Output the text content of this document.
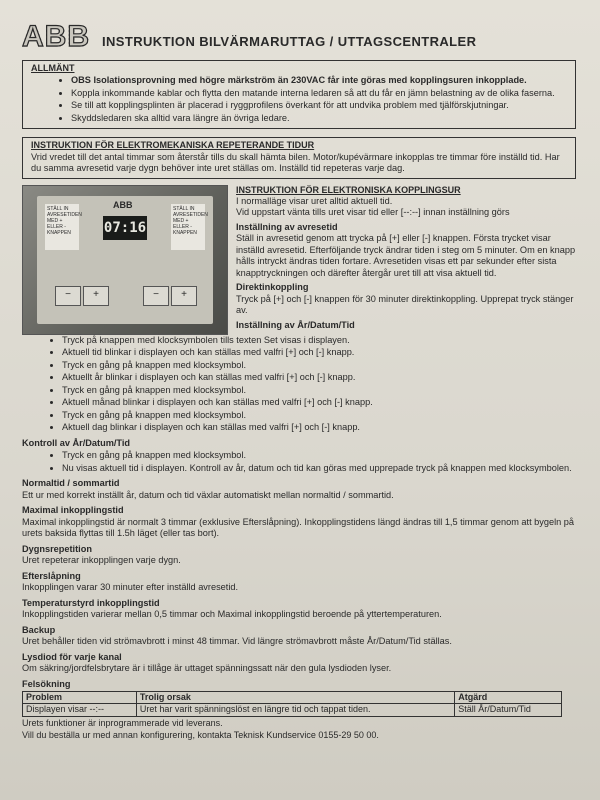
ABB INSTRUKTION BILVÄRMARUTTAG / UTTAGSCENTRALER
ALLMÄNT
• OBS Isolationsprovning med högre märkström än 230VAC får inte göras med kopplingsuren inkopplade.
• Koppla inkommande kablar och flytta den matande interna ledaren så att du får en jämn belastning av de olika faserna.
• Se till att kopplingsplinten är placerad i ryggprofilens överkant för att undvika problem med tjälförskjutningar.
• Skyddsledaren ska alltid vara längre än övriga ledare.
INSTRUKTION FÖR ELEKTROMEKANISKA REPETERANDE TIDUR
Vrid vredet till det antal timmar som återstår tills du skall hämta bilen. Motor/kupévärmare inkopplas tre timmar före inställd tid. Har du samma avresetid varje dygn behöver inte uret ställas om. Inställd tid repeteras varje dag.
STÄLL IN AVRESETIDEN MED + ELLER - KNAPPEN
ABB
07:16
STÄLL IN AVRESETIDEN MED + ELLER - KNAPPEN
−	+	−	+
INSTRUKTION FÖR ELEKTRONISKA KOPPLINGSUR
I normalläge visar uret alltid aktuell tid.
Vid uppstart vänta tills uret visar tid eller [--:--] innan inställning görs
Inställning av avresetid
Ställ in avresetid genom att trycka på [+] eller [-] knappen. Första trycket visar inställd avresetid. Efterföljande tryck ändrar tiden i steg om 5 minuter. Om en knapp hålls intryckt ändras tiden fortare. Avresetiden visas ett par sekunder efter sista knapptryckningen och därefter återgår uret till att visa aktuell tid.
Direktinkoppling
Tryck på [+] och [-] knappen för 30 minuter direktinkoppling. Upprepat tryck stänger av.
Inställning av År/Datum/Tid
• Tryck på knappen med klocksymbolen tills texten Set visas i displayen.
• Aktuell tid blinkar i displayen och kan ställas med valfri [+] och [-] knapp.
• Tryck en gång på knappen med klocksymbol.
• Aktuellt år blinkar i displayen och kan ställas med valfri [+] och [-] knapp.
• Tryck en gång på knappen med klocksymbol.
• Aktuell månad blinkar i displayen och kan ställas med valfri [+] och [-] knapp.
• Tryck en gång på knappen med klocksymbol.
• Aktuell dag blinkar i displayen och kan ställas med valfri [+] och [-] knapp.
Kontroll av År/Datum/Tid
• Tryck en gång på knappen med klocksymbol.
• Nu visas aktuell tid i displayen. Kontroll av år, datum och tid kan göras med upprepade tryck på knappen med klocksymbolen.
Normaltid / sommartid
Ett ur med korrekt inställt år, datum och tid växlar automatiskt mellan normaltid / sommartid.
Maximal inkopplingstid
Maximal inkopplingstid är normalt 3 timmar (exklusive Efterslåpning). Inkopplingstidens längd ändras till 1,5 timmar genom att bygeln på urets baksida flyttas till 1.5h läget (eller tas bort).
Dygnsrepetition
Uret repeterar inkopplingen varje dygn.
Efterslåpning
Inkopplingen varar 30 minuter efter inställd avresetid.
Temperaturstyrd inkopplingstid
Inkopplingstiden varierar mellan 0,5 timmar och Maximal inkopplingstid beroende på yttertemperaturen.
Backup
Uret behåller tiden vid strömavbrott i minst 48 timmar. Vid längre strömavbrott måste År/Datum/Tid ställas.
Lysdiod för varje kanal
Om säkring/jordfelsbrytare är i tillåge är uttaget spänningssatt när den gula lysdioden lyser.
Felsökning
Problem	Trolig orsak	Atgärd
Displayen visar --:--	Uret har varit spänningslöst en längre tid och tappat tiden.	Ställ År/Datum/Tid
Urets funktioner är inprogrammerade vid leverans.
Vill du beställa ur med annan konfigurering, kontakta Teknisk Kundservice 0155-29 50 00.
